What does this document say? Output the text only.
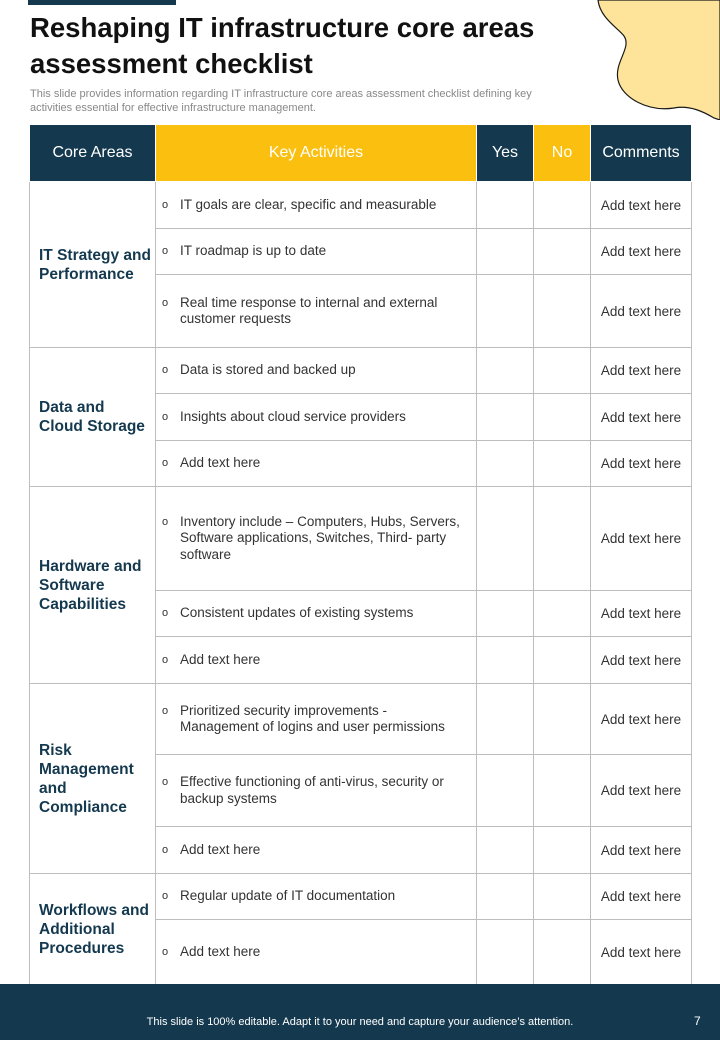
Reshaping IT infrastructure core areas assessment checklist
This slide provides information regarding IT infrastructure core areas assessment checklist defining key activities essential for effective infrastructure management.
Core Areas	Key Activities	Yes	No	Comments
IT Strategy and Performance	o IT goals are clear, specific and measurable			Add text here

	o IT roadmap is up to date			Add text here

	o Real time response to internal and external customer requests			Add text here
Data and Cloud Storage	o Data is stored and backed up			Add text here

	o Insights about cloud service providers			Add text here

	o Add text here			Add text here
Hardware and Software Capabilities	o Inventory include – Computers, Hubs, Servers, Software applications, Switches, Third- party software			Add text here

	o Consistent updates of existing systems			Add text here

	o Add text here			Add text here
Risk Management and Compliance	o Prioritized security improvements - Management of logins and user permissions			Add text here

	o Effective functioning of anti-virus, security or backup systems			Add text here

	o Add text here			Add text here
Workflows and Additional Procedures	o Regular update of IT documentation			Add text here

	o Add text here			Add text here
This slide is 100% editable. Adapt it to your need and capture your audience’s attention.	7
